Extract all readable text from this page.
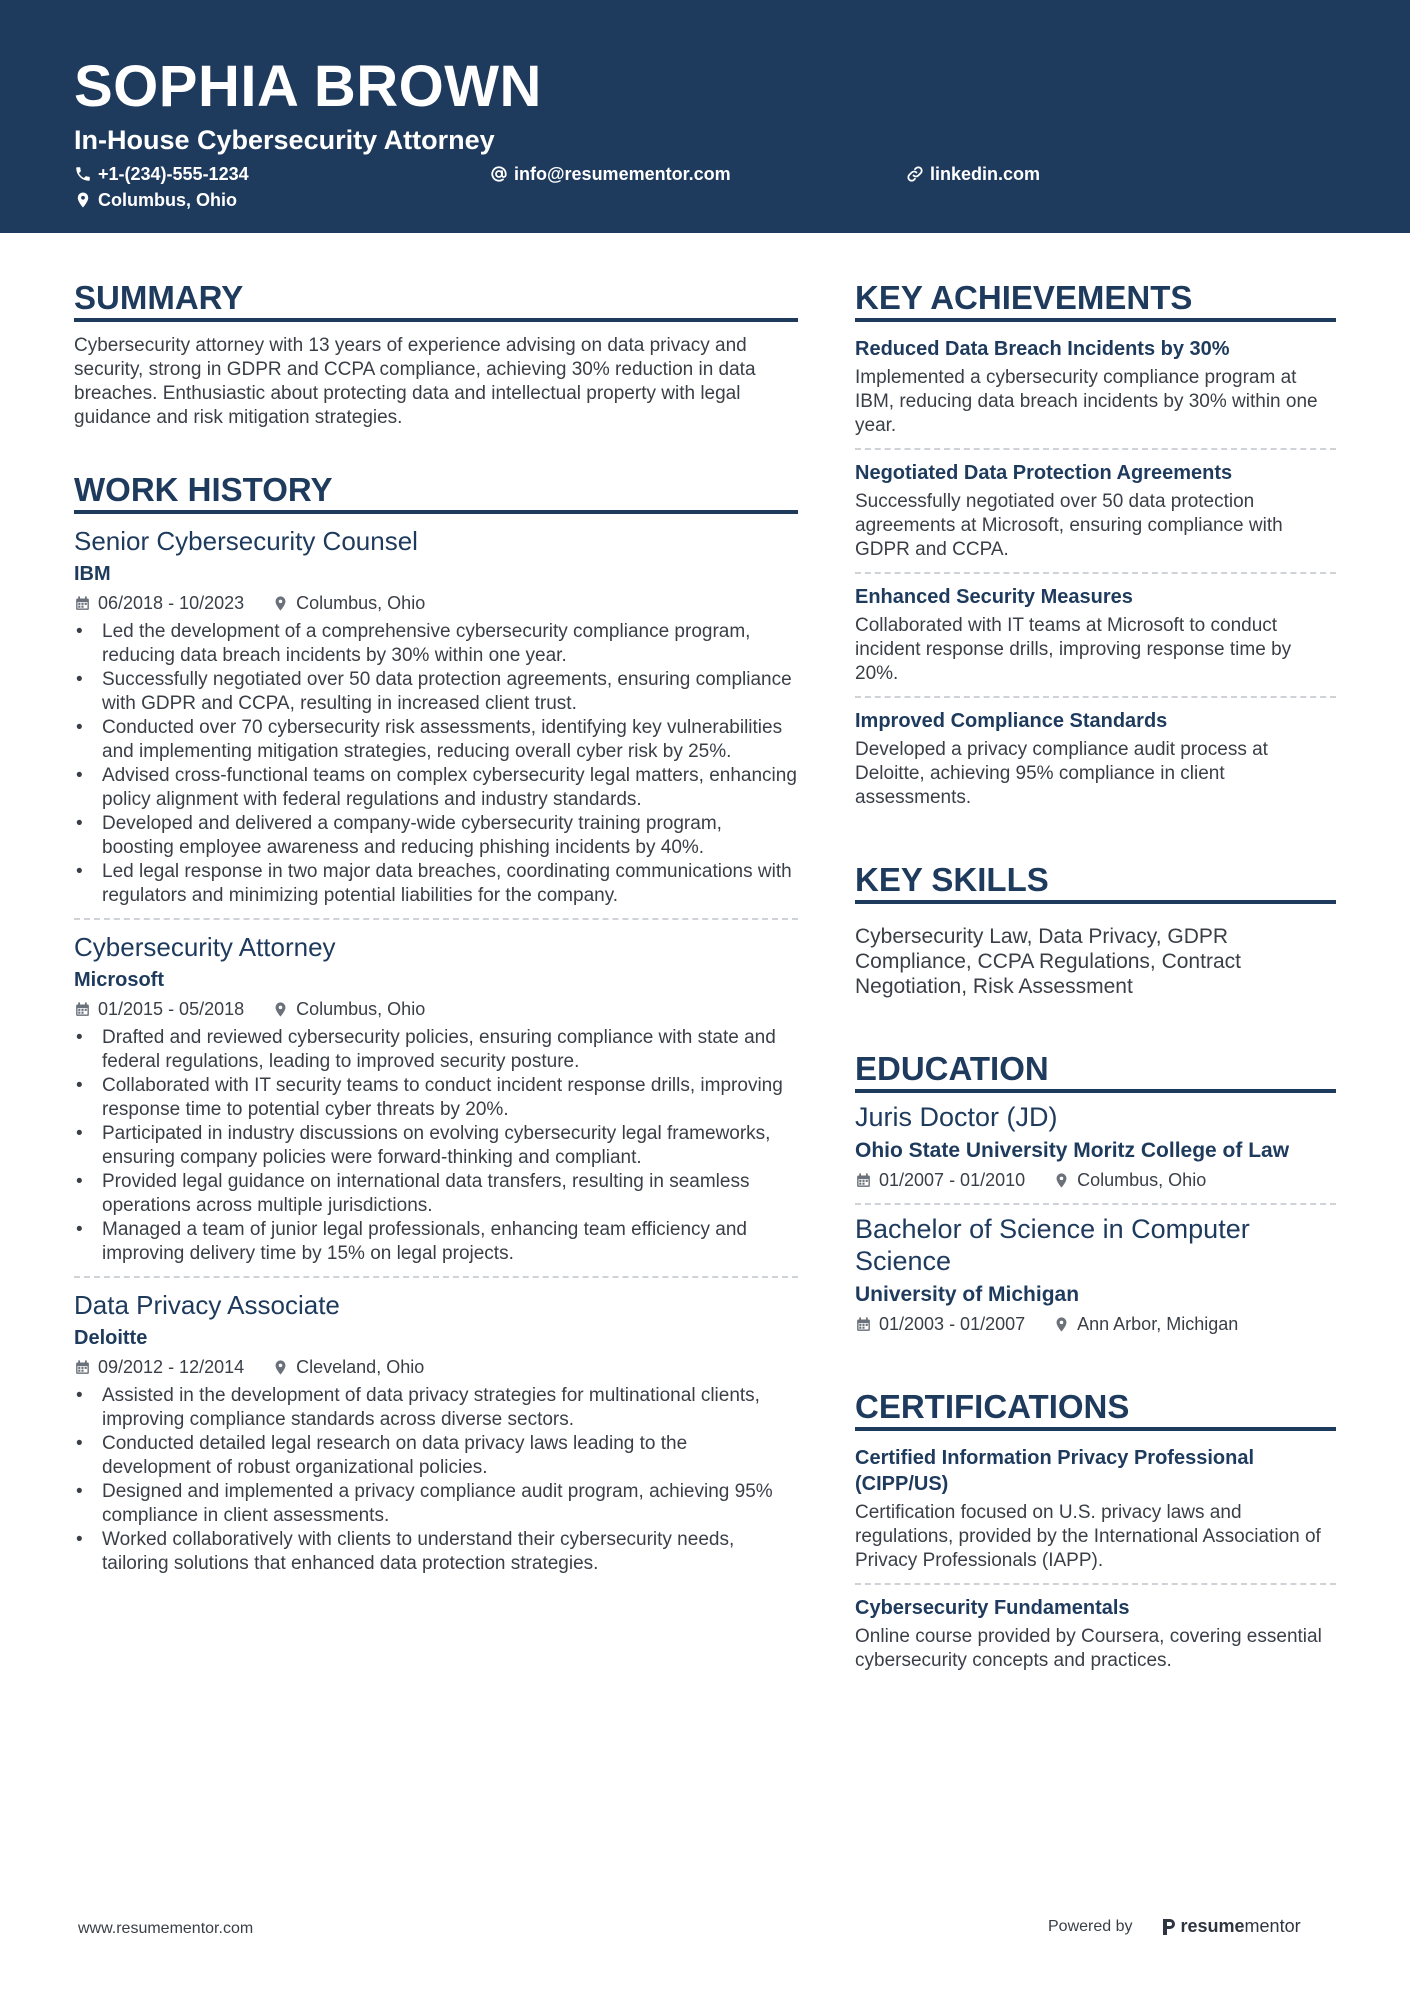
SOPHIA BROWN
In-House Cybersecurity Attorney
+1-(234)-555-1234	info@resumementor.com	linkedin.com
Columbus, Ohio
SUMMARY

Cybersecurity attorney with 13 years of experience advising on data privacy and security, strong in GDPR and CCPA compliance, achieving 30% reduction in data breaches. Enthusiastic about protecting data and intellectual property with legal guidance and risk mitigation strategies.

WORK HISTORY
Senior Cybersecurity Counsel
IBM
06/2018 - 10/2023	Columbus, Ohio
• Led the development of a comprehensive cybersecurity compliance program, reducing data breach incidents by 30% within one year.
• Successfully negotiated over 50 data protection agreements, ensuring compliance with GDPR and CCPA, resulting in increased client trust.
• Conducted over 70 cybersecurity risk assessments, identifying key vulnerabilities and implementing mitigation strategies, reducing overall cyber risk by 25%.
• Advised cross-functional teams on complex cybersecurity legal matters, enhancing policy alignment with federal regulations and industry standards.
• Developed and delivered a company-wide cybersecurity training program, boosting employee awareness and reducing phishing incidents by 40%.
• Led legal response in two major data breaches, coordinating communications with regulators and minimizing potential liabilities for the company.
Cybersecurity Attorney
Microsoft
01/2015 - 05/2018	Columbus, Ohio
• Drafted and reviewed cybersecurity policies, ensuring compliance with state and federal regulations, leading to improved security posture.
• Collaborated with IT security teams to conduct incident response drills, improving response time to potential cyber threats by 20%.
• Participated in industry discussions on evolving cybersecurity legal frameworks, ensuring company policies were forward-thinking and compliant.
• Provided legal guidance on international data transfers, resulting in seamless operations across multiple jurisdictions.
• Managed a team of junior legal professionals, enhancing team efficiency and improving delivery time by 15% on legal projects.
Data Privacy Associate
Deloitte
09/2012 - 12/2014	Cleveland, Ohio
• Assisted in the development of data privacy strategies for multinational clients, improving compliance standards across diverse sectors.
• Conducted detailed legal research on data privacy laws leading to the development of robust organizational policies.
• Designed and implemented a privacy compliance audit program, achieving 95% compliance in client assessments.
• Worked collaboratively with clients to understand their cybersecurity needs, tailoring solutions that enhanced data protection strategies.
KEY ACHIEVEMENTS
Reduced Data Breach Incidents by 30%
Implemented a cybersecurity compliance program at IBM, reducing data breach incidents by 30% within one year.
Negotiated Data Protection Agreements
Successfully negotiated over 50 data protection agreements at Microsoft, ensuring compliance with GDPR and CCPA.
Enhanced Security Measures
Collaborated with IT teams at Microsoft to conduct incident response drills, improving response time by 20%.
Improved Compliance Standards
Developed a privacy compliance audit process at Deloitte, achieving 95% compliance in client assessments.
KEY SKILLS

Cybersecurity Law, Data Privacy, GDPR Compliance, CCPA Regulations, Contract Negotiation, Risk Assessment

EDUCATION
Juris Doctor (JD)
Ohio State University Moritz College of Law
01/2007 - 01/2010	Columbus, Ohio
Bachelor of Science in Computer Science
University of Michigan
01/2003 - 01/2007	Ann Arbor, Michigan
CERTIFICATIONS
Certified Information Privacy Professional (CIPP/US)
Certification focused on U.S. privacy laws and regulations, provided by the International Association of Privacy Professionals (IAPP).
Cybersecurity Fundamentals
Online course provided by Coursera, covering essential cybersecurity concepts and practices.
www.resumementor.com	Powered by	resume mentor
